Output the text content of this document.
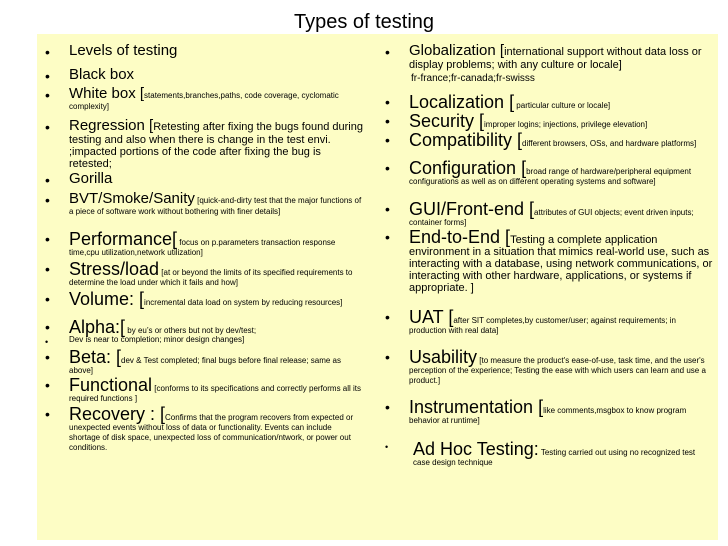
Types of testing
• Levels of testing
• Black box
• White box [statements,branches,paths, code coverage, cyclomatic complexity]
• Regression [Retesting after fixing the bugs found during testing and also when there is change in the test envi. ;impacted portions of the code after fixing the bug is retested;
• Gorilla
• BVT/Smoke/Sanity [quick-and-dirty test that the major functions of a piece of software work without bothering with finer details]
• Performance[ focus on p.parameters transaction response time,cpu utilization,network utilization]
• Stress/load [at or beyond the limits of its specified requirements to determine the load under which it fails and how]
• Volume: [incremental data load on system by reducing resources]
• Alpha:[ by eu’s or others but not by dev/test;
•	Dev is near to completion; minor design changes]
• Beta: [dev & Test completed; final bugs before final release; same as above]
• Functional [conforms to its specifications and correctly performs all its required functions ]
• Recovery : [Confirms that the program recovers from expected or unexpected events without loss of data or functionality. Events can include shortage of disk space, unexpected loss of communication/ntwork, or power out conditions.
• Globalization [international support without data loss or display problems; with any culture or locale]
fr-france;fr-canada;fr-swisss
• Localization [ particular culture or locale]
• Security [improper logins; injections, privilege elevation]
• Compatibility [different browsers, OSs, and hardware platforms]
• Configuration [broad range of hardware/peripheral equipment configurations as well as on different operating systems and software]
• GUI/Front-end [attributes of GUI objects; event driven inputs; container forms]
• End-to-End [Testing a complete application environment in a situation that mimics real-world use, such as interacting with a database, using network communications, or interacting with other hardware, applications, or systems if appropriate. ]
• UAT [after SIT completes,by customer/user; against requirements; in production with real data]
• Usability [to measure the product's ease-of-use, task time, and the user's perception of the experience; Testing the ease with which users can learn and use a product.]
• Instrumentation [like comments,msgbox to know program behavior at runtime]
• Ad Hoc Testing: Testing carried out using no recognized test case design technique
